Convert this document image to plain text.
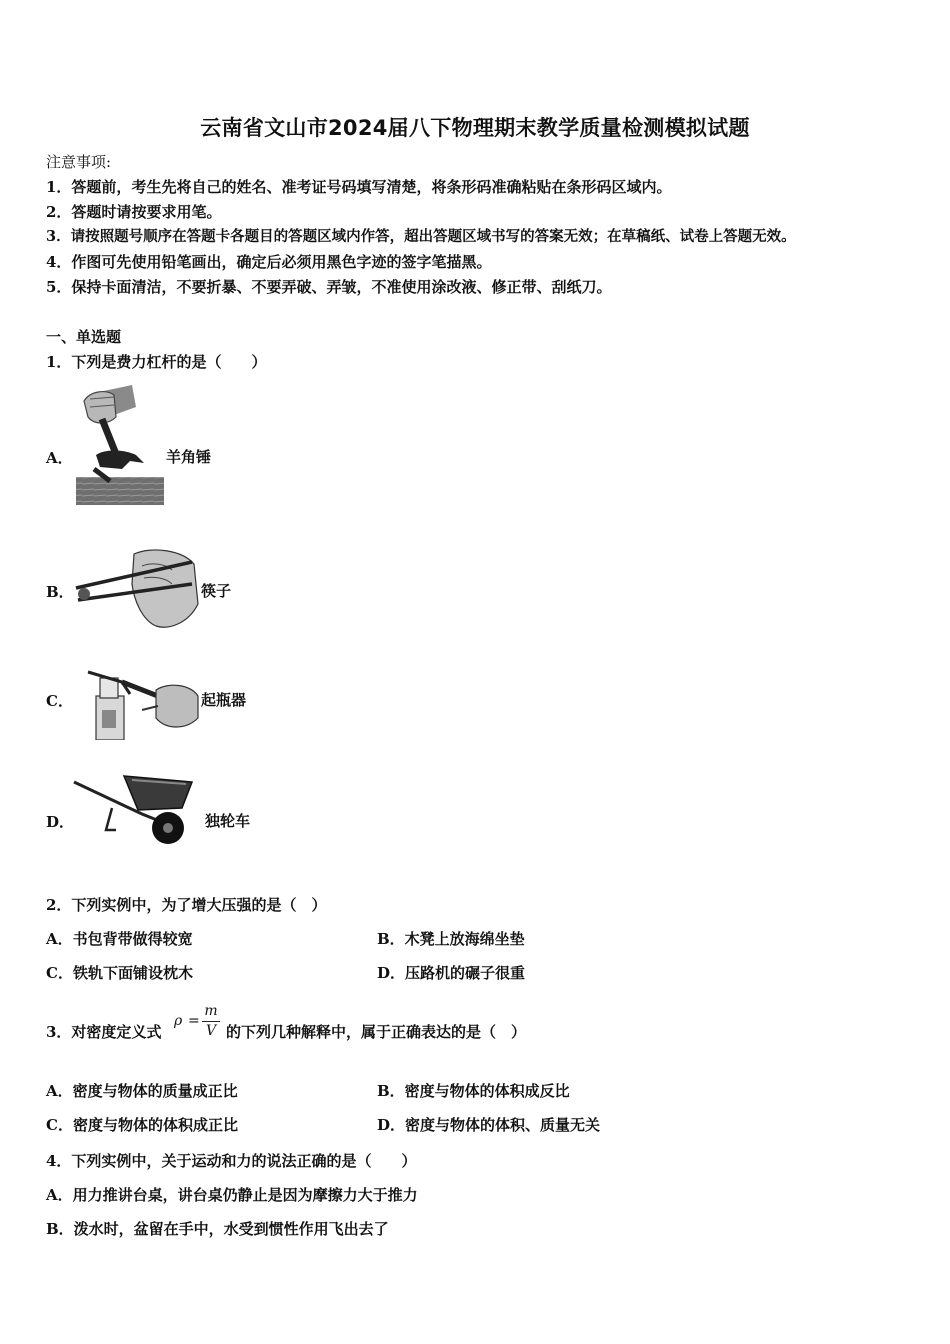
云南省文山市2024届八下物理期末教学质量检测模拟试题
注意事项:
1．答题前，考生先将自己的姓名、准考证号码填写清楚，将条形码准确粘贴在条形码区域内。
2．答题时请按要求用笔。
3．请按照题号顺序在答题卡各题目的答题区域内作答，超出答题区域书写的答案无效；在草稿纸、试卷上答题无效。
4．作图可先使用铅笔画出，确定后必须用黑色字迹的签字笔描黑。
5．保持卡面清洁，不要折暴、不要弄破、弄皱，不准使用涂改液、修正带、刮纸刀。
一、单选题
1．下列是费力杠杆的是（　　）
A．	羊角锤
B．	筷子
C．	起瓶器
D．	独轮车
2．下列实例中，为了增大压强的是（　）
A．书包背带做得较宽	B．木凳上放海绵坐垫
C．铁轨下面铺设枕木	D．压路机的碾子很重
3．对密度定义式
ρ =
m
V 的下列几种解释中，属于正确表达的是（　）
A．密度与物体的质量成正比	B．密度与物体的体积成反比
C．密度与物体的体积成正比	D．密度与物体的体积、质量无关
4．下列实例中，关于运动和力的说法正确的是（　　）
A．用力推讲台桌，讲台桌仍静止是因为摩擦力大于推力
B．泼水时，盆留在手中，水受到惯性作用飞出去了
